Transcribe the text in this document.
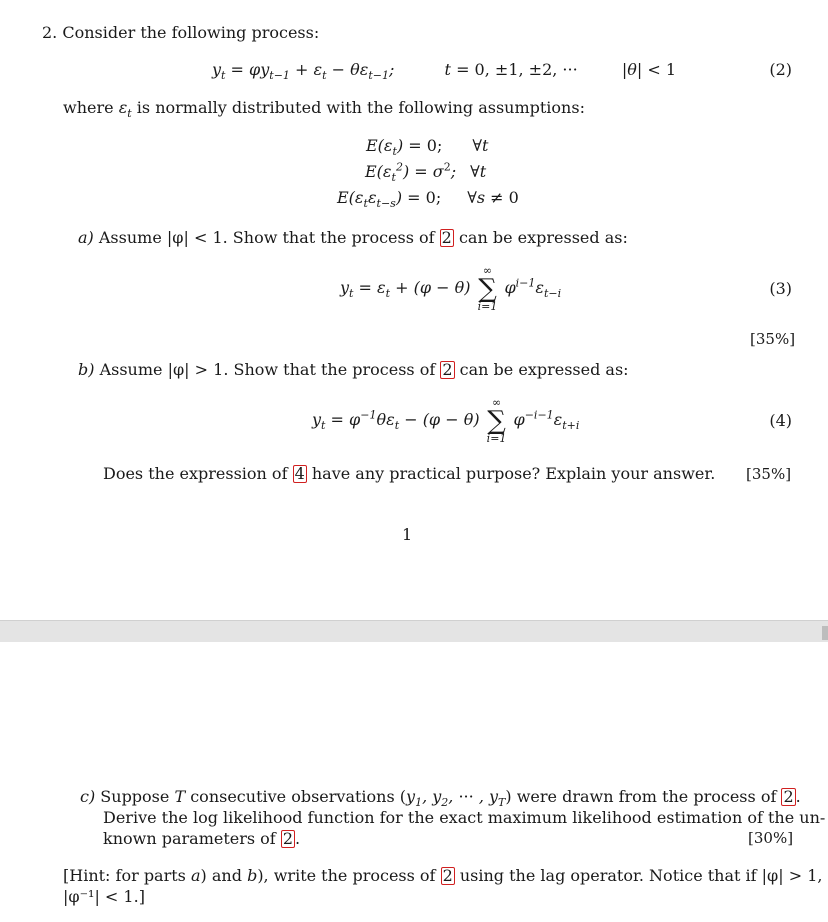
2. Consider the following process:
$y_t = \varphi y_{t-1} + \varepsilon_t - \theta\varepsilon_{t-1}$;	t = 0, ±1, ±2, ···	|θ| < 1	(2)
where $\varepsilon_t$ is normally distributed with the following assumptions:
$E(\varepsilon_t) = 0$; ∀t
$E(\varepsilon_t^2) = \sigma^2$; ∀t
$E(\varepsilon_t\varepsilon_{t-s}) = 0$; ∀s ≠ 0
a) Assume |φ| < 1. Show that the process of 2 can be expressed as:
$y_t = \varepsilon_t + (\varphi - \theta)$
∞
∑
i=1
$\varphi^{i-1}\varepsilon_{t-i}$	(3)
[35%]
b) Assume |φ| > 1. Show that the process of 2 can be expressed as:
$y_t = \varphi^{-1}\theta\varepsilon_t - (\varphi - \theta)$
∞
∑
i=1
$\varphi^{-i-1}\varepsilon_{t+i}$	(4)
Does the expression of 4 have any practical purpose? Explain your answer. [35%]
1
c) Suppose T consecutive observations ($y_1$, $y_2$, ··· , $y_T$) were drawn from the process of 2 .
Derive the log likelihood function for the exact maximum likelihood estimation of the un-
known parameters of 2 .	[30%]
[Hint: for parts a) and b), write the process of 2 using the lag operator. Notice that if |φ| > 1,
|φ⁻¹| < 1.]
